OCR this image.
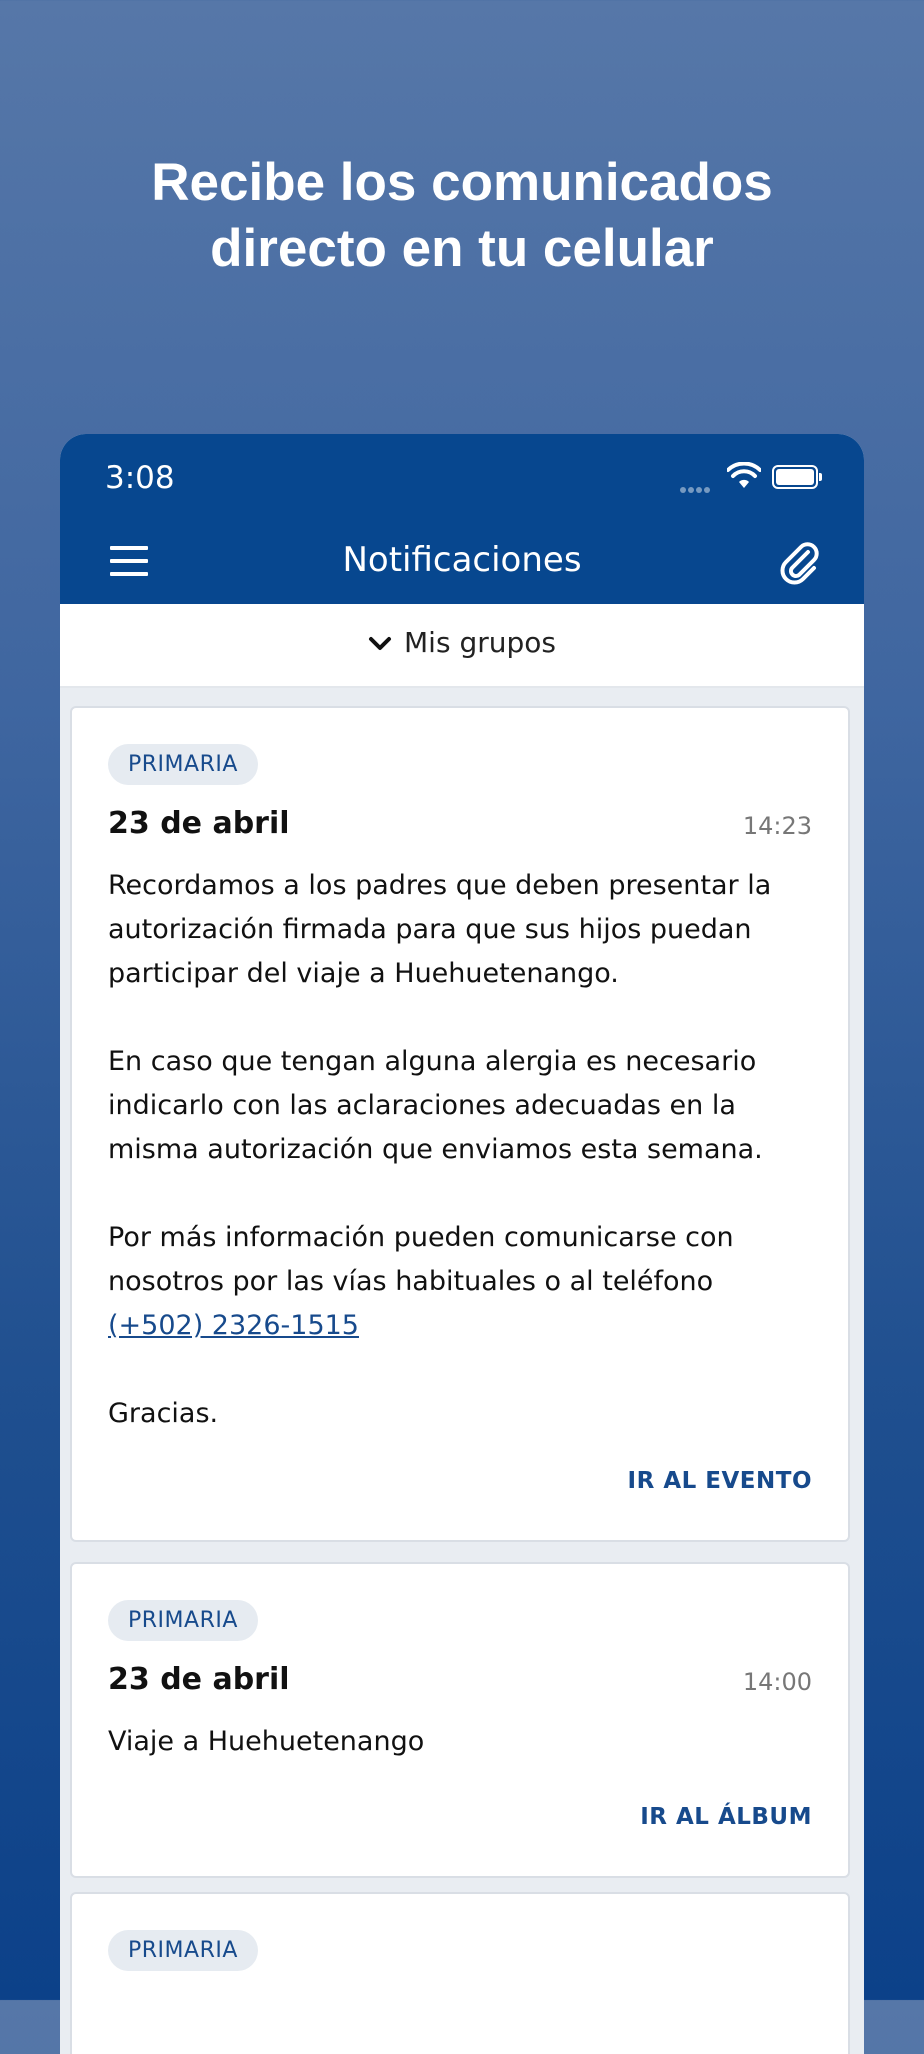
Recibe los comunicados
directo en tu celular
3:08
Notificaciones
Mis grupos
PRIMARIA
23 de abril	14:23

Recordamos a los padres que deben presentar la autorización firmada para que sus hijos puedan participar del viaje a Huehuetenango.

En caso que tengan alguna alergia es necesario indicarlo con las aclaraciones adecuadas en la misma autorización que enviamos esta semana.

Por más información pueden comunicarse con nosotros por las vías habituales o al teléfono (+502) 2326-1515

Gracias.

IR AL EVENTO
PRIMARIA
23 de abril	14:00

Viaje a Huehuetenango

IR AL ÁLBUM
PRIMARIA
